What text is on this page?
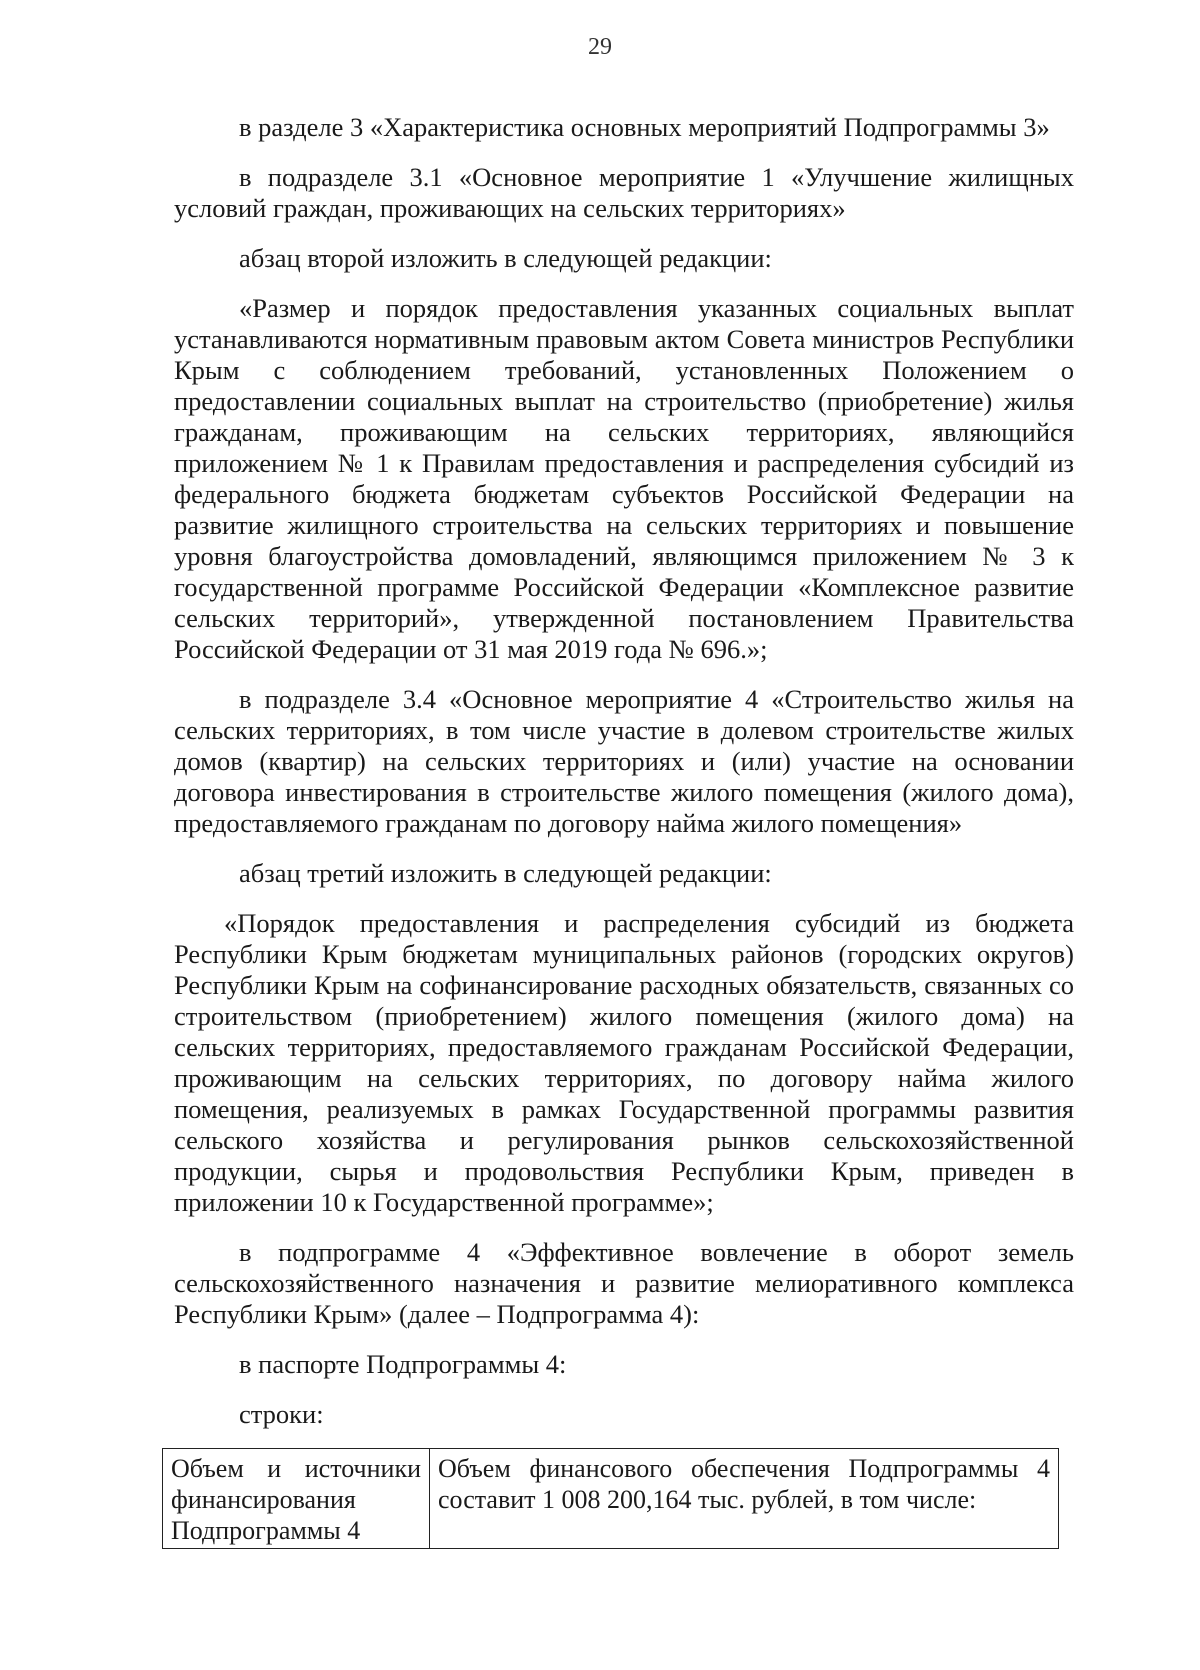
29

в разделе 3 «Характеристика основных мероприятий Подпрограммы 3»

в подразделе 3.1 «Основное мероприятие 1 «Улучшение жилищных условий граждан, проживающих на сельских территориях»

абзац второй изложить в следующей редакции:

«Размер и порядок предоставления указанных социальных выплат устанавливаются нормативным правовым актом Совета министров Республики Крым с соблюдением требований, установленных Положением о предоставлении социальных выплат на строительство (приобретение) жилья гражданам, проживающим на сельских территориях, являющийся приложением № 1 к Правилам предоставления и распределения субсидий из федерального бюджета бюджетам субъектов Российской Федерации на развитие жилищного строительства на сельских территориях и повышение уровня благоустройства домовладений, являющимся приложением № 3 к государственной программе Российской Федерации «Комплексное развитие сельских территорий», утвержденной постановлением Правительства Российской Федерации от 31 мая 2019 года № 696.»;

в подразделе 3.4 «Основное мероприятие 4 «Строительство жилья на сельских территориях, в том числе участие в долевом строительстве жилых домов (квартир) на сельских территориях и (или) участие на основании договора инвестирования в строительстве жилого помещения (жилого дома), предоставляемого гражданам по договору найма жилого помещения»

абзац третий изложить в следующей редакции:

«Порядок предоставления и распределения субсидий из бюджета Республики Крым бюджетам муниципальных районов (городских округов) Республики Крым на софинансирование расходных обязательств, связанных со строительством (приобретением) жилого помещения (жилого дома) на сельских территориях, предоставляемого гражданам Российской Федерации, проживающим на сельских территориях, по договору найма жилого помещения, реализуемых в рамках Государственной программы развития сельского хозяйства и регулирования рынков сельскохозяйственной продукции, сырья и продовольствия Республики Крым, приведен в приложении 10 к Государственной программе»;

в подпрограмме 4 «Эффективное вовлечение в оборот земель сельскохозяйственного назначения и развитие мелиоративного комплекса Республики Крым» (далее – Подпрограмма 4):

в паспорте Подпрограммы 4:

строки:

Объем и источники финансирования Подпрограммы 4	Объем финансового обеспечения Подпрограммы 4 составит 1 008 200,164 тыс. рублей, в том числе:
